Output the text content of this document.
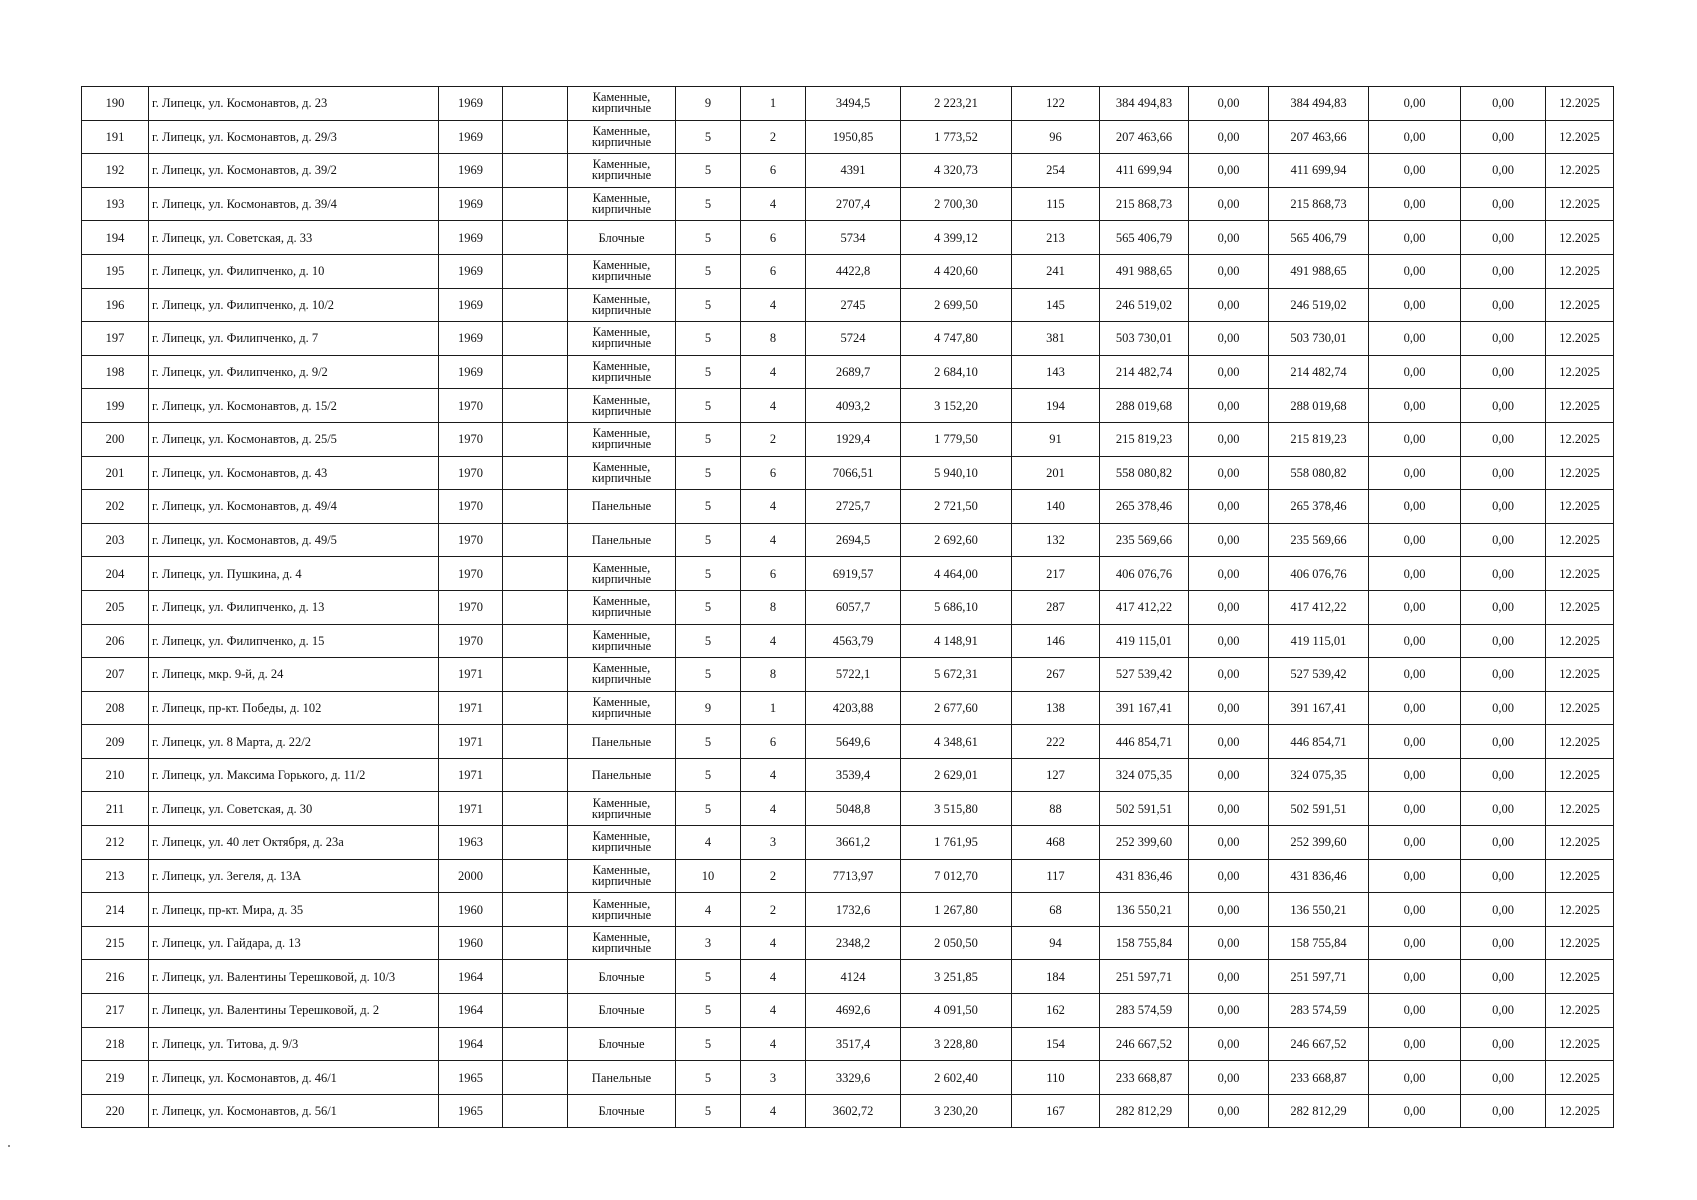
190	г. Липецк, ул. Космонавтов, д. 23	1969		Каменные, кирпичные	9	1	3494,5	2 223,21	122	384 494,83	0,00	384 494,83	0,00	0,00	12.2025
191	г. Липецк, ул. Космонавтов, д. 29/3	1969		Каменные, кирпичные	5	2	1950,85	1 773,52	96	207 463,66	0,00	207 463,66	0,00	0,00	12.2025
192	г. Липецк, ул. Космонавтов, д. 39/2	1969		Каменные, кирпичные	5	6	4391	4 320,73	254	411 699,94	0,00	411 699,94	0,00	0,00	12.2025
193	г. Липецк, ул. Космонавтов, д. 39/4	1969		Каменные, кирпичные	5	4	2707,4	2 700,30	115	215 868,73	0,00	215 868,73	0,00	0,00	12.2025
194	г. Липецк, ул. Советская, д. 33	1969		Блочные	5	6	5734	4 399,12	213	565 406,79	0,00	565 406,79	0,00	0,00	12.2025
195	г. Липецк, ул. Филипченко, д. 10	1969		Каменные, кирпичные	5	6	4422,8	4 420,60	241	491 988,65	0,00	491 988,65	0,00	0,00	12.2025
196	г. Липецк, ул. Филипченко, д. 10/2	1969		Каменные, кирпичные	5	4	2745	2 699,50	145	246 519,02	0,00	246 519,02	0,00	0,00	12.2025
197	г. Липецк, ул. Филипченко, д. 7	1969		Каменные, кирпичные	5	8	5724	4 747,80	381	503 730,01	0,00	503 730,01	0,00	0,00	12.2025
198	г. Липецк, ул. Филипченко, д. 9/2	1969		Каменные, кирпичные	5	4	2689,7	2 684,10	143	214 482,74	0,00	214 482,74	0,00	0,00	12.2025
199	г. Липецк, ул. Космонавтов, д. 15/2	1970		Каменные, кирпичные	5	4	4093,2	3 152,20	194	288 019,68	0,00	288 019,68	0,00	0,00	12.2025
200	г. Липецк, ул. Космонавтов, д. 25/5	1970		Каменные, кирпичные	5	2	1929,4	1 779,50	91	215 819,23	0,00	215 819,23	0,00	0,00	12.2025
201	г. Липецк, ул. Космонавтов, д. 43	1970		Каменные, кирпичные	5	6	7066,51	5 940,10	201	558 080,82	0,00	558 080,82	0,00	0,00	12.2025
202	г. Липецк, ул. Космонавтов, д. 49/4	1970		Панельные	5	4	2725,7	2 721,50	140	265 378,46	0,00	265 378,46	0,00	0,00	12.2025
203	г. Липецк, ул. Космонавтов, д. 49/5	1970		Панельные	5	4	2694,5	2 692,60	132	235 569,66	0,00	235 569,66	0,00	0,00	12.2025
204	г. Липецк, ул. Пушкина, д. 4	1970		Каменные, кирпичные	5	6	6919,57	4 464,00	217	406 076,76	0,00	406 076,76	0,00	0,00	12.2025
205	г. Липецк, ул. Филипченко, д. 13	1970		Каменные, кирпичные	5	8	6057,7	5 686,10	287	417 412,22	0,00	417 412,22	0,00	0,00	12.2025
206	г. Липецк, ул. Филипченко, д. 15	1970		Каменные, кирпичные	5	4	4563,79	4 148,91	146	419 115,01	0,00	419 115,01	0,00	0,00	12.2025
207	г. Липецк, мкр. 9-й, д. 24	1971		Каменные, кирпичные	5	8	5722,1	5 672,31	267	527 539,42	0,00	527 539,42	0,00	0,00	12.2025
208	г. Липецк, пр-кт. Победы, д. 102	1971		Каменные, кирпичные	9	1	4203,88	2 677,60	138	391 167,41	0,00	391 167,41	0,00	0,00	12.2025
209	г. Липецк, ул. 8 Марта, д. 22/2	1971		Панельные	5	6	5649,6	4 348,61	222	446 854,71	0,00	446 854,71	0,00	0,00	12.2025
210	г. Липецк, ул. Максима Горького, д. 11/2	1971		Панельные	5	4	3539,4	2 629,01	127	324 075,35	0,00	324 075,35	0,00	0,00	12.2025
211	г. Липецк, ул. Советская, д. 30	1971		Каменные, кирпичные	5	4	5048,8	3 515,80	88	502 591,51	0,00	502 591,51	0,00	0,00	12.2025
212	г. Липецк, ул. 40 лет Октября, д. 23а	1963		Каменные, кирпичные	4	3	3661,2	1 761,95	468	252 399,60	0,00	252 399,60	0,00	0,00	12.2025
213	г. Липецк, ул. Зегеля, д. 13А	2000		Каменные, кирпичные	10	2	7713,97	7 012,70	117	431 836,46	0,00	431 836,46	0,00	0,00	12.2025
214	г. Липецк, пр-кт. Мира, д. 35	1960		Каменные, кирпичные	4	2	1732,6	1 267,80	68	136 550,21	0,00	136 550,21	0,00	0,00	12.2025
215	г. Липецк, ул. Гайдара, д. 13	1960		Каменные, кирпичные	3	4	2348,2	2 050,50	94	158 755,84	0,00	158 755,84	0,00	0,00	12.2025
216	г. Липецк, ул. Валентины Терешковой, д. 10/3	1964		Блочные	5	4	4124	3 251,85	184	251 597,71	0,00	251 597,71	0,00	0,00	12.2025
217	г. Липецк, ул. Валентины Терешковой, д. 2	1964		Блочные	5	4	4692,6	4 091,50	162	283 574,59	0,00	283 574,59	0,00	0,00	12.2025
218	г. Липецк, ул. Титова, д. 9/3	1964		Блочные	5	4	3517,4	3 228,80	154	246 667,52	0,00	246 667,52	0,00	0,00	12.2025
219	г. Липецк, ул. Космонавтов, д. 46/1	1965		Панельные	5	3	3329,6	2 602,40	110	233 668,87	0,00	233 668,87	0,00	0,00	12.2025
220	г. Липецк, ул. Космонавтов, д. 56/1	1965		Блочные	5	4	3602,72	3 230,20	167	282 812,29	0,00	282 812,29	0,00	0,00	12.2025
